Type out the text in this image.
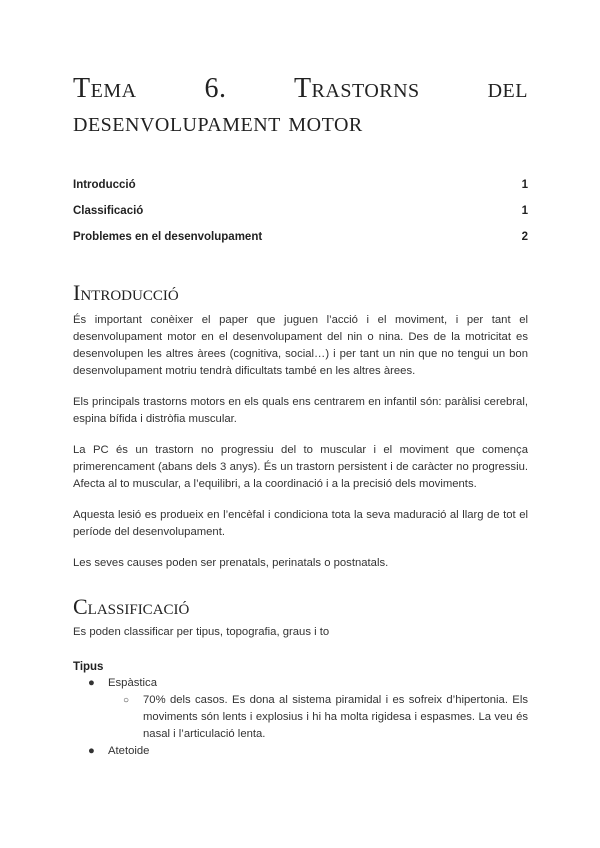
Tema 6. Trastorns del desenvolupament motor
Introducció	1
Classificació	1
Problemes en el desenvolupament	2
Introducció

És important conèixer el paper que juguen l’acció i el moviment, i per tant el desenvolupament motor en el desenvolupament del nin o nina. Des de la motricitat es desenvolupen les altres àrees (cognitiva, social…) i per tant un nin que no tengui un bon desenvolupament motriu tendrà dificultats també en les altres àrees.

Els principals trastorns motors en els quals ens centrarem en infantil són: paràlisi cerebral, espina bífida i distròfia muscular.

La PC és un trastorn no progressiu del to muscular i el moviment que comença primerencament (abans dels 3 anys). És un trastorn persistent i de caràcter no progressiu. Afecta al to muscular, a l’equilibri, a la coordinació i a la precisió dels moviments.

Aquesta lesió es produeix en l’encèfal i condiciona tota la seva maduració al llarg de tot el període del desenvolupament.

Les seves causes poden ser prenatals, perinatals o postnatals.

Classificació

Es poden classificar per tipus, topografia, graus i to

Tipus
● Espàstica
○ 70% dels casos. Es dona al sistema piramidal i es sofreix d’hipertonia. Els moviments són lents i explosius i hi ha molta rigidesa i espasmes. La veu és nasal i l’articulació lenta.
● Atetoide
